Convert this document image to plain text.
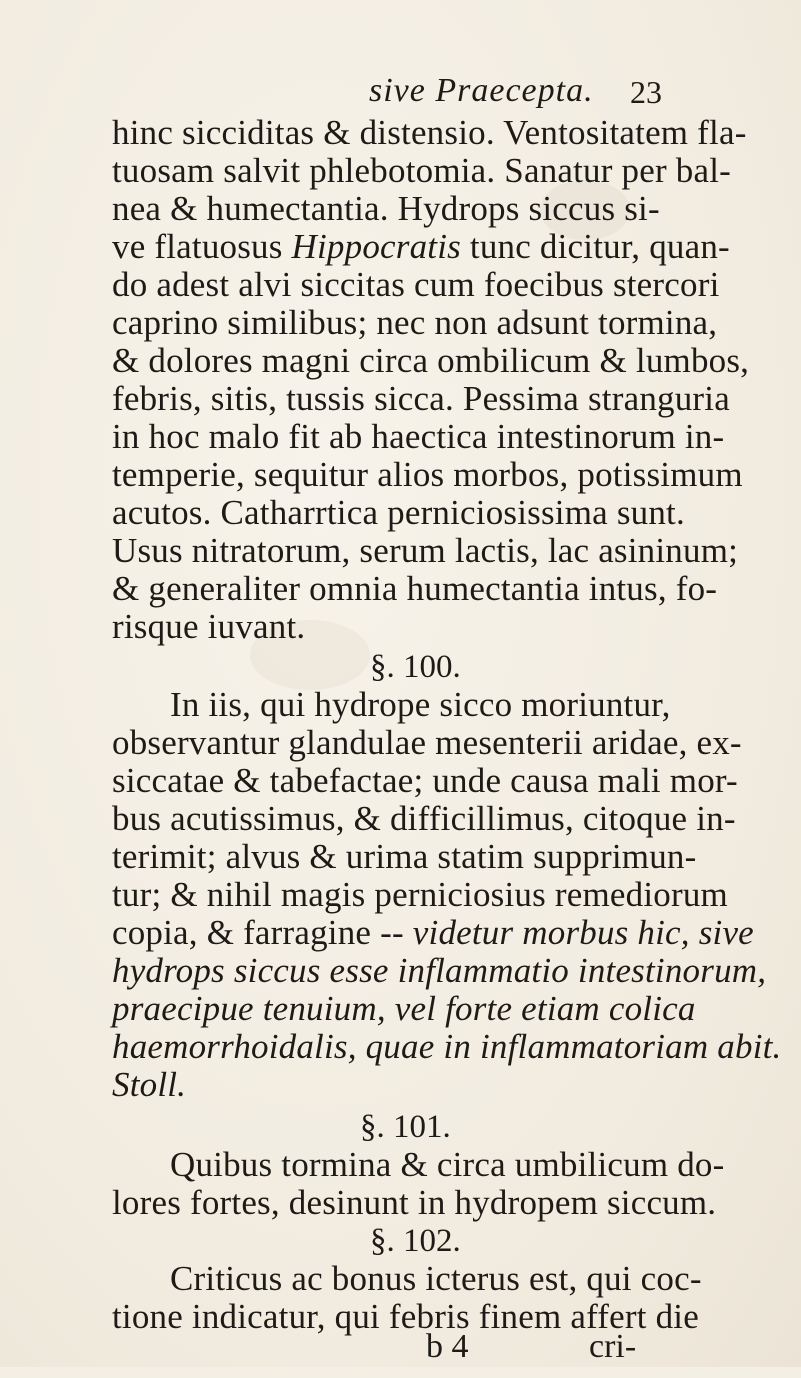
sive Praecepta. 23
hinc sicciditas & distensio. Ventositatem fla-
tuosam salvit phlebotomia. Sanatur per bal-
nea & humectantia. Hydrops siccus si-
ve flatuosus Hippocratis tunc dicitur, quan-
do adest alvi siccitas cum foecibus stercori
caprino similibus; nec non adsunt tormina,
& dolores magni circa ombilicum & lumbos,
febris, sitis, tussis sicca. Pessima stranguria
in hoc malo fit ab haectica intestinorum in-
temperie, sequitur alios morbos, potissimum
acutos. Catharrtica perniciosissima sunt.
Usus nitratorum, serum lactis, lac asininum;
& generaliter omnia humectantia intus, fo-
risque iuvant.
§. 100.
In iis, qui hydrope sicco moriuntur,
observantur glandulae mesenterii aridae, ex-
siccatae & tabefactae; unde causa mali mor-
bus acutissimus, & difficillimus, citoque in-
terimit; alvus & urima statim supprimun-
tur; & nihil magis perniciosius remediorum
copia, & farragine -- videtur morbus hic, sive
hydrops siccus esse inflammatio intestinorum,
praecipue tenuium, vel forte etiam colica
haemorrhoidalis, quae in inflammatoriam abit.
Stoll.
§. 101.
Quibus tormina & circa umbilicum do-
lores fortes, desinunt in hydropem siccum.
§. 102.
Criticus ac bonus icterus est, qui coc-
tione indicatur, qui febris finem affert die
b 4	cri-
